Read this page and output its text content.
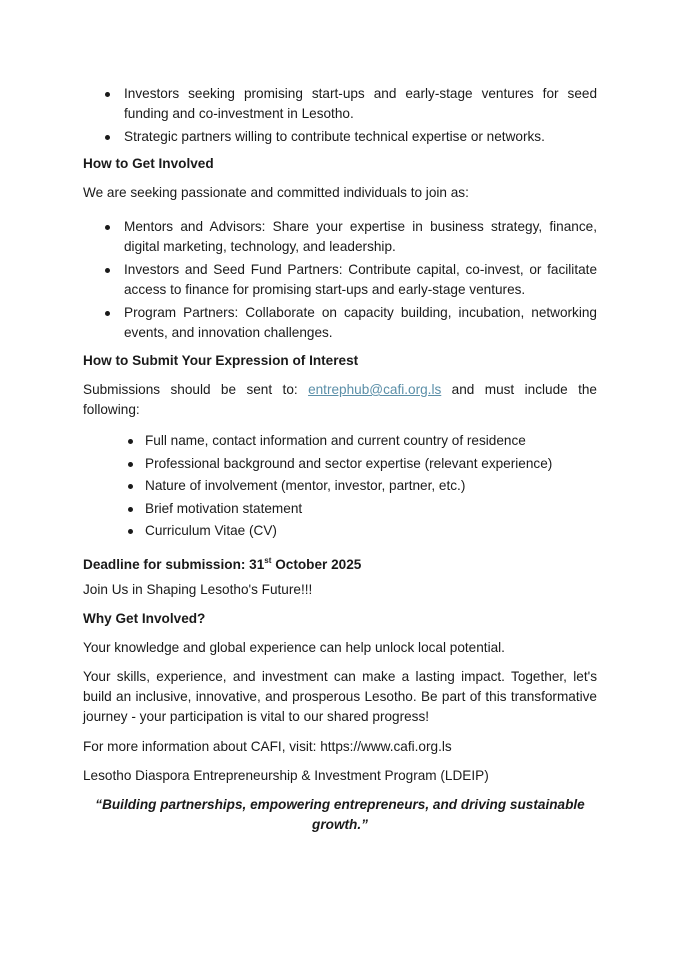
Investors seeking promising start-ups and early-stage ventures for seed funding and co-investment in Lesotho.
Strategic partners willing to contribute technical expertise or networks.
How to Get Involved
We are seeking passionate and committed individuals to join as:
Mentors and Advisors: Share your expertise in business strategy, finance, digital marketing, technology, and leadership.
Investors and Seed Fund Partners: Contribute capital, co-invest, or facilitate access to finance for promising start-ups and early-stage ventures.
Program Partners: Collaborate on capacity building, incubation, networking events, and innovation challenges.
How to Submit Your Expression of Interest
Submissions should be sent to: entrephub@cafi.org.ls and must include the following:
Full name, contact information and current country of residence
Professional background and sector expertise (relevant experience)
Nature of involvement (mentor, investor, partner, etc.)
Brief motivation statement
Curriculum Vitae (CV)
Deadline for submission: 31st October 2025
Join Us in Shaping Lesotho's Future!!!
Why Get Involved?
Your knowledge and global experience can help unlock local potential.
Your skills, experience, and investment can make a lasting impact. Together, let's build an inclusive, innovative, and prosperous Lesotho. Be part of this transformative journey - your participation is vital to our shared progress!
For more information about CAFI, visit: https://www.cafi.org.ls
Lesotho Diaspora Entrepreneurship & Investment Program (LDEIP)
“Building partnerships, empowering entrepreneurs, and driving sustainable growth.”
